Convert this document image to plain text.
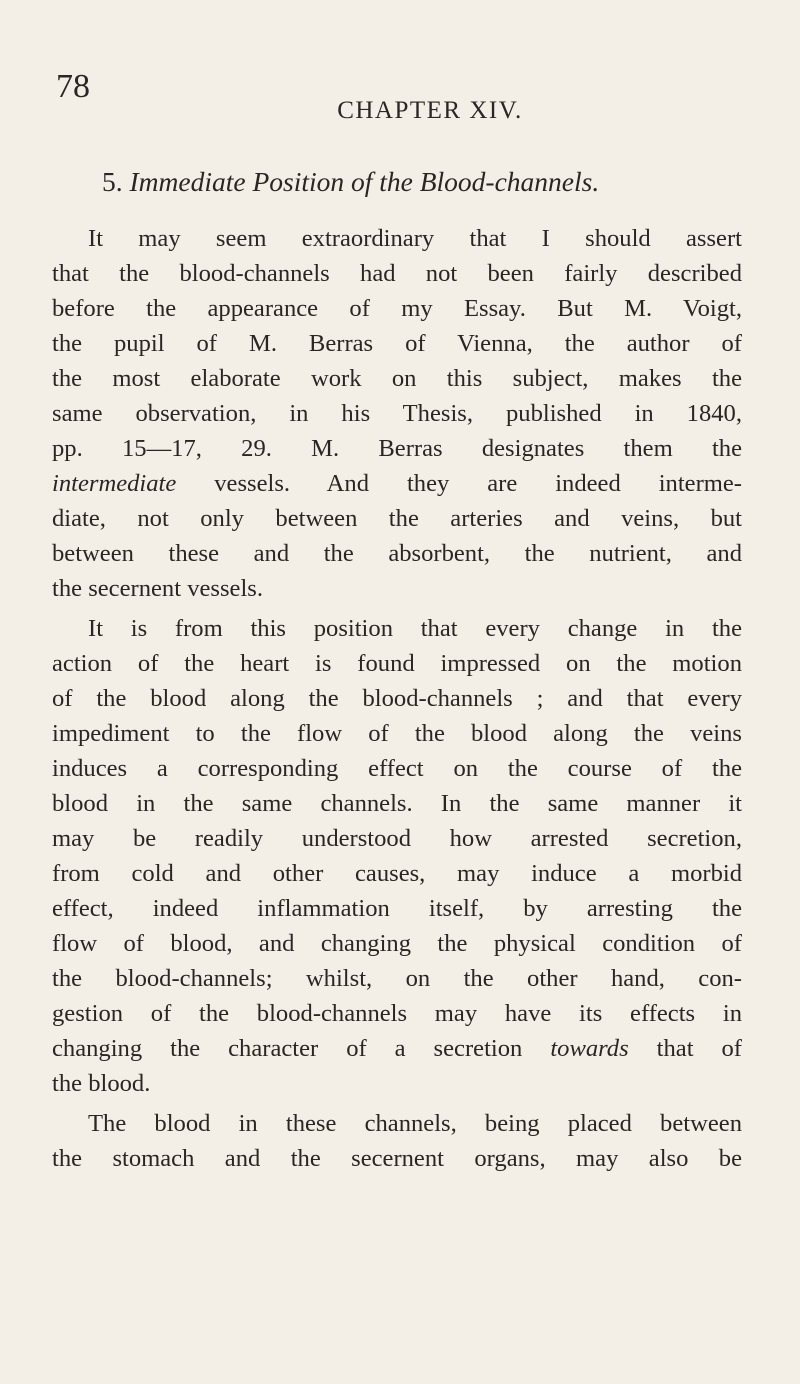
78
CHAPTER XIV.
5. Immediate Position of the Blood-channels.
It may seem extraordinary that I should assert
that the blood-channels had not been fairly described
before the appearance of my Essay. But M. Voigt,
the pupil of M. Berras of Vienna, the author of
the most elaborate work on this subject, makes the
same observation, in his Thesis, published in 1840,
pp. 15—17, 29. M. Berras designates them the
intermediate vessels. And they are indeed interme-
diate, not only between the arteries and veins, but
between these and the absorbent, the nutrient, and
the secernent vessels.
It is from this position that every change in the
action of the heart is found impressed on the motion
of the blood along the blood-channels ; and that every
impediment to the flow of the blood along the veins
induces a corresponding effect on the course of the
blood in the same channels. In the same manner it
may be readily understood how arrested secretion,
from cold and other causes, may induce a morbid
effect, indeed inflammation itself, by arresting the
flow of blood, and changing the physical condition of
the blood-channels; whilst, on the other hand, con-
gestion of the blood-channels may have its effects in
changing the character of a secretion towards that of
the blood.
The blood in these channels, being placed between
the stomach and the secernent organs, may also be
